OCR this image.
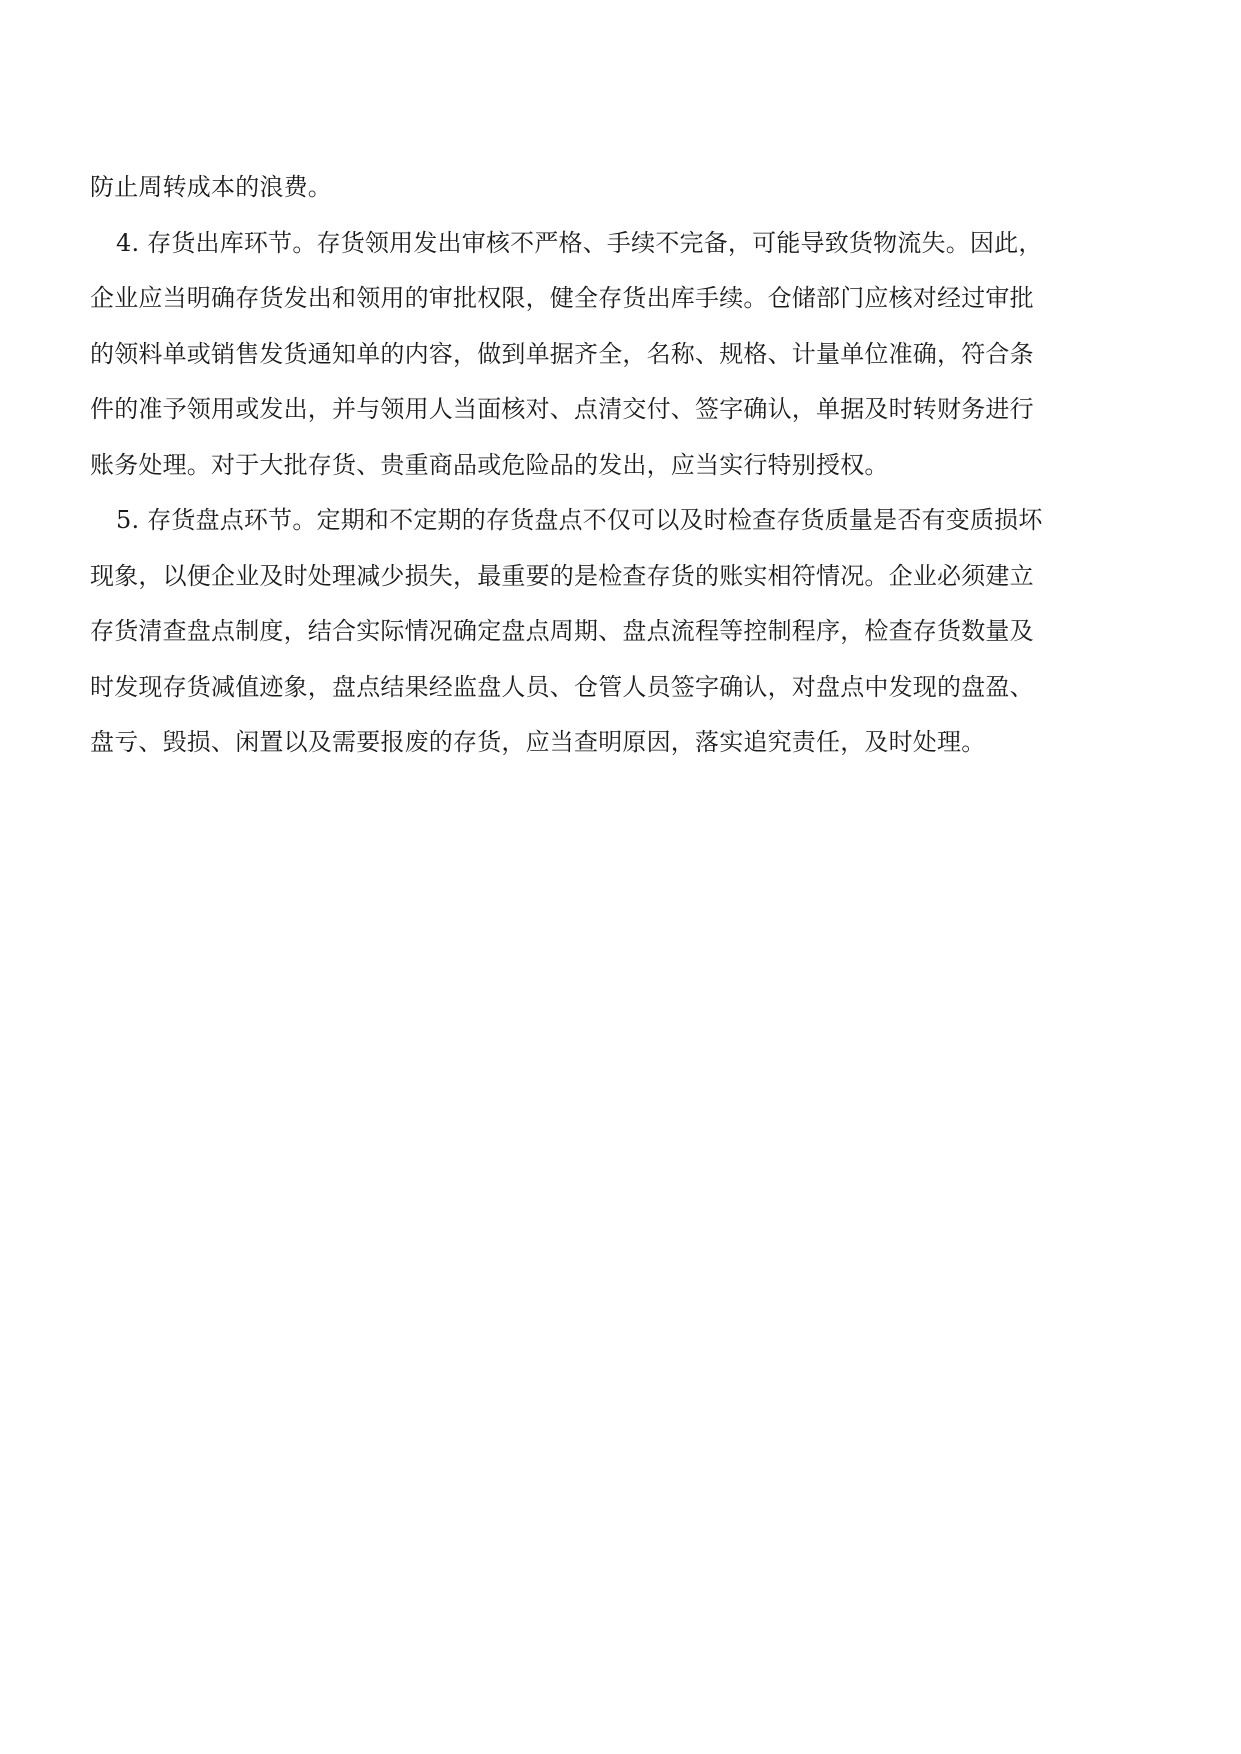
防止周转成本的浪费。
4. 存货出库环节。存货领用发出审核不严格、手续不完备，可能导致货物流失。因此，
企业应当明确存货发出和领用的审批权限，健全存货出库手续。仓储部门应核对经过审批
的领料单或销售发货通知单的内容，做到单据齐全，名称、规格、计量单位准确，符合条
件的准予领用或发出，并与领用人当面核对、点清交付、签字确认，单据及时转财务进行
账务处理。对于大批存货、贵重商品或危险品的发出，应当实行特别授权。
5. 存货盘点环节。定期和不定期的存货盘点不仅可以及时检查存货质量是否有变质损坏
现象，以便企业及时处理减少损失，最重要的是检查存货的账实相符情况。企业必须建立
存货清查盘点制度，结合实际情况确定盘点周期、盘点流程等控制程序，检查存货数量及
时发现存货减值迹象，盘点结果经监盘人员、仓管人员签字确认，对盘点中发现的盘盈、
盘亏、毁损、闲置以及需要报废的存货，应当查明原因，落实追究责任，及时处理。
